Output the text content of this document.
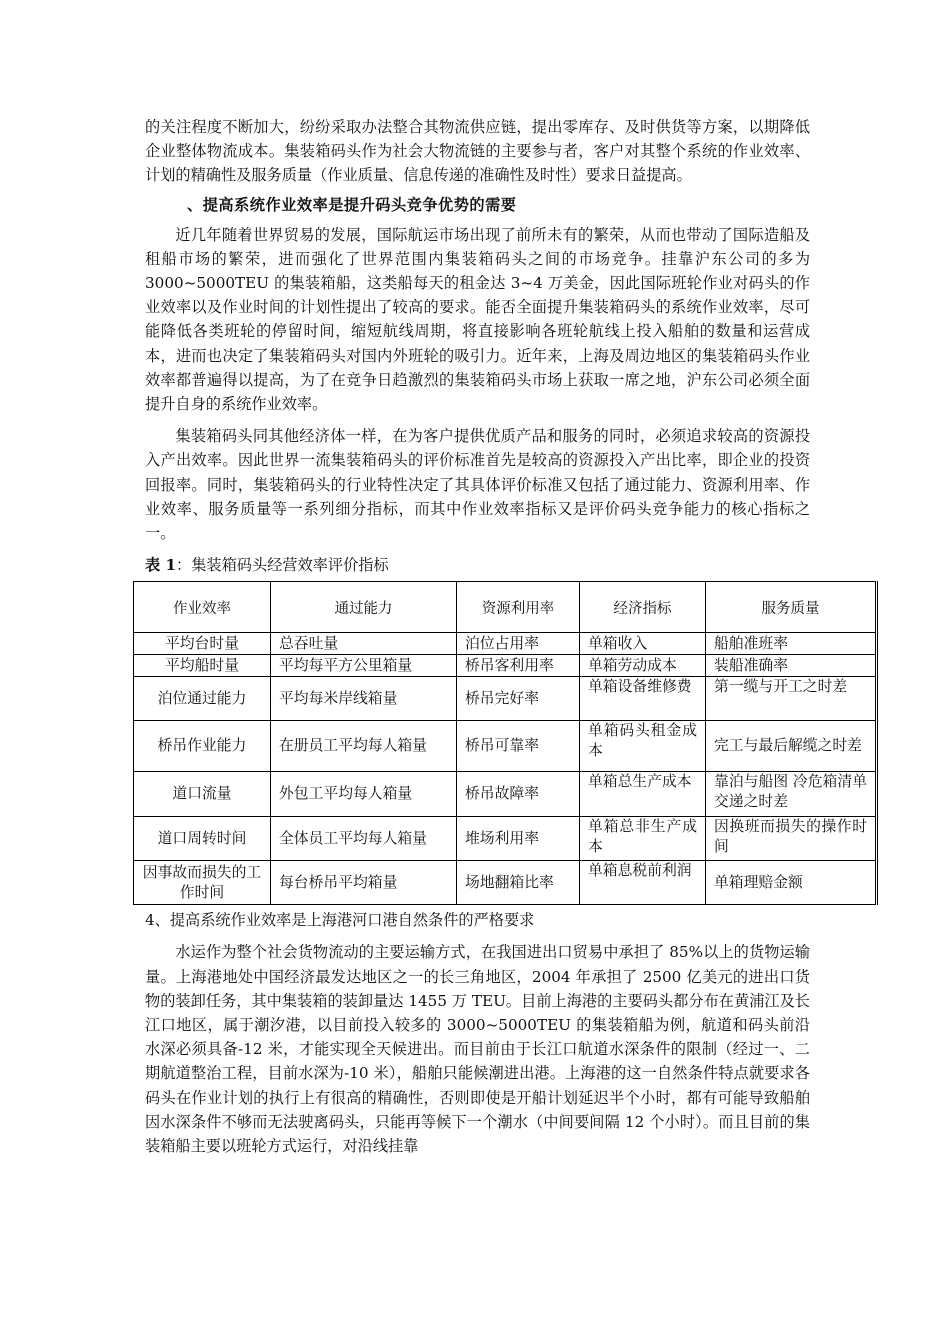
的关注程度不断加大，纷纷采取办法整合其物流供应链，提出零库存、及时供货等方案，以期降低企业整体物流成本。集装箱码头作为社会大物流链的主要参与者，客户对其整个系统的作业效率、计划的精确性及服务质量（作业质量、信息传递的准确性及时性）要求日益提高。

、提高系统作业效率是提升码头竞争优势的需要

近几年随着世界贸易的发展，国际航运市场出现了前所未有的繁荣，从而也带动了国际造船及租船市场的繁荣，进而强化了世界范围内集装箱码头之间的市场竞争。挂靠沪东公司的多为 3000~5000TEU 的集装箱船，这类船每天的租金达 3~4 万美金，因此国际班轮作业对码头的作业效率以及作业时间的计划性提出了较高的要求。能否全面提升集装箱码头的系统作业效率，尽可能降低各类班轮的停留时间，缩短航线周期，将直接影响各班轮航线上投入船舶的数量和运营成本，进而也决定了集装箱码头对国内外班轮的吸引力。近年来，上海及周边地区的集装箱码头作业效率都普遍得以提高，为了在竞争日趋激烈的集装箱码头市场上获取一席之地，沪东公司必须全面提升自身的系统作业效率。

集装箱码头同其他经济体一样，在为客户提供优质产品和服务的同时，必须追求较高的资源投入产出效率。因此世界一流集装箱码头的评价标准首先是较高的资源投入产出比率，即企业的投资回报率。同时，集装箱码头的行业特性决定了其具体评价标准又包括了通过能力、资源利用率、作业效率、服务质量等一系列细分指标，而其中作业效率指标又是评价码头竞争能力的核心指标之一。

表 1：集装箱码头经营效率评价指标
作业效率	通过能力	资源利用率	经济指标	服务质量
平均台时量	总吞吐量	泊位占用率	单箱收入	船舶准班率
平均船时量	平均每平方公里箱量	桥吊客利用率	单箱劳动成本	装船准确率
泊位通过能力	平均每米岸线箱量	桥吊完好率	单箱设备维修费	第一缆与开工之时差
桥吊作业能力	在册员工平均每人箱量	桥吊可靠率	单箱码头租金成本	完工与最后解缆之时差
道口流量	外包工平均每人箱量	桥吊故障率	单箱总生产成本	靠泊与船图 冷危箱清单交递之时差
道口周转时间	全体员工平均每人箱量	堆场利用率	单箱总非生产成本	因换班而损失的操作时间
因事故而损失的工作时间	每台桥吊平均箱量	场地翻箱比率	单箱息税前利润	单箱理赔金额
4、提高系统作业效率是上海港河口港自然条件的严格要求

水运作为整个社会货物流动的主要运输方式，在我国进出口贸易中承担了 85%以上的货物运输量。上海港地处中国经济最发达地区之一的长三角地区，2004 年承担了 2500 亿美元的进出口货物的装卸任务，其中集装箱的装卸量达 1455 万 TEU。目前上海港的主要码头都分布在黄浦江及长江口地区，属于潮汐港，以目前投入较多的 3000~5000TEU 的集装箱船为例，航道和码头前沿水深必须具备-12 米，才能实现全天候进出。而目前由于长江口航道水深条件的限制（经过一、二期航道整治工程，目前水深为-10 米），船舶只能候潮进出港。上海港的这一自然条件特点就要求各码头在作业计划的执行上有很高的精确性，否则即使是开船计划延迟半个小时，都有可能导致船舶因水深条件不够而无法驶离码头，只能再等候下一个潮水（中间要间隔 12 个小时）。而且目前的集装箱船主要以班轮方式运行，对沿线挂靠
